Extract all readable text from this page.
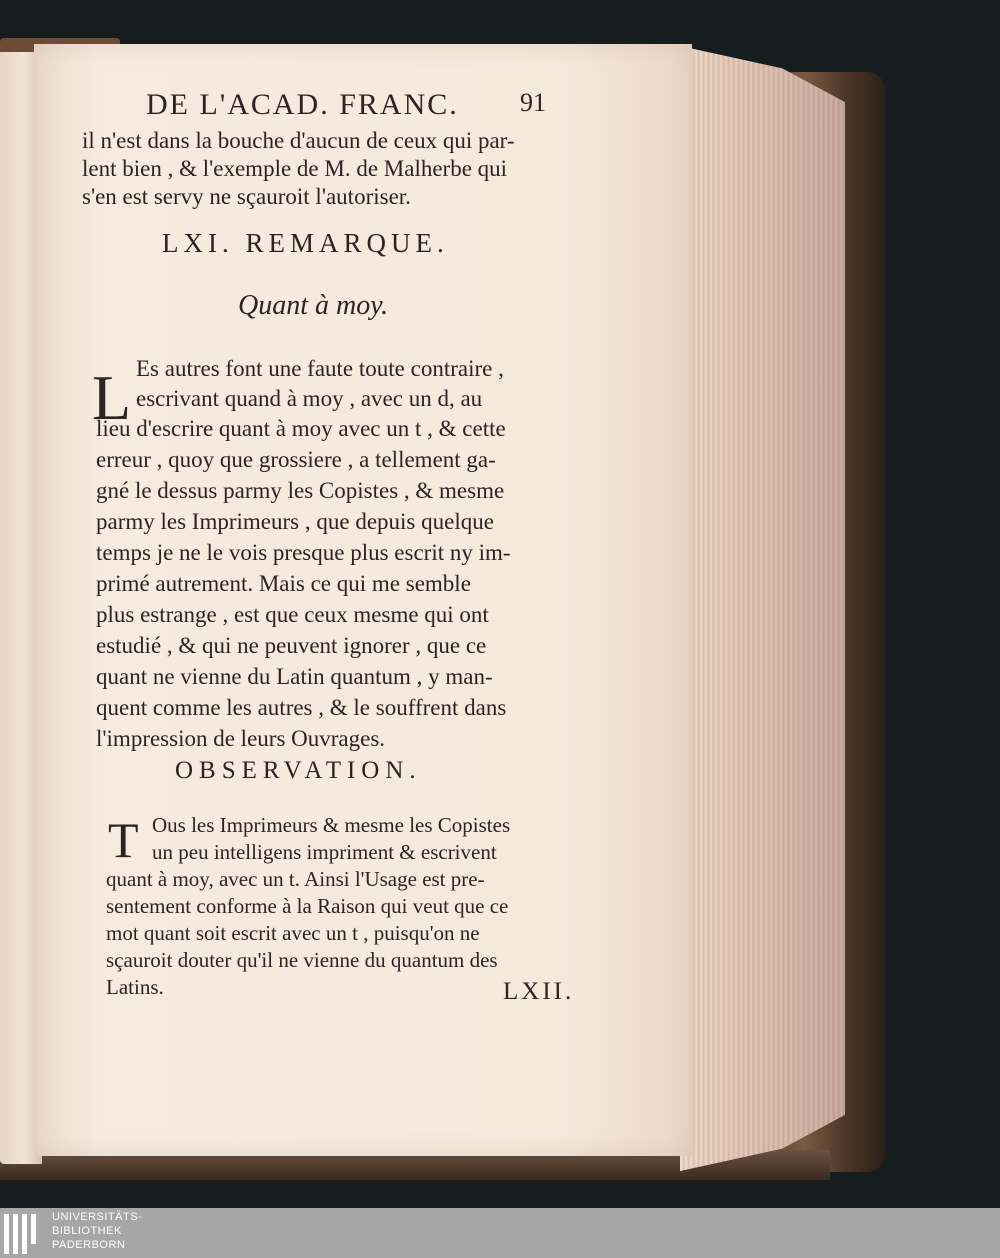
DE L'ACAD. FRANC. 91
il n'est dans la bouche d'aucun de ceux qui par-
lent bien , & l'exemple de M. de Malherbe qui
s'en est servy ne sçauroit l'autoriser.
LXI. REMARQUE.
Quant à moy.
L Es autres font une faute toute contraire ,
escrivant quand à moy , avec un d, au
lieu d'escrire quant à moy avec un t , & cette
erreur , quoy que grossiere , a tellement ga-
gné le dessus parmy les Copistes , & mesme
parmy les Imprimeurs , que depuis quelque
temps je ne le vois presque plus escrit ny im-
primé autrement. Mais ce qui me semble
plus estrange , est que ceux mesme qui ont
estudié , & qui ne peuvent ignorer , que ce
quant ne vienne du Latin quantum , y man-
quent comme les autres , & le souffrent dans
l'impression de leurs Ouvrages.
OBSERVATION.
T Ous les Imprimeurs & mesme les Copistes
un peu intelligens impriment & escrivent
quant à moy, avec un t. Ainsi l'Usage est pre-
sentement conforme à la Raison qui veut que ce
mot quant soit escrit avec un t , puisqu'on ne
sçauroit douter qu'il ne vienne du quantum des
Latins.	LXII.
UNIVERSITÄTS-
BIBLIOTHEK
PADERBORN
